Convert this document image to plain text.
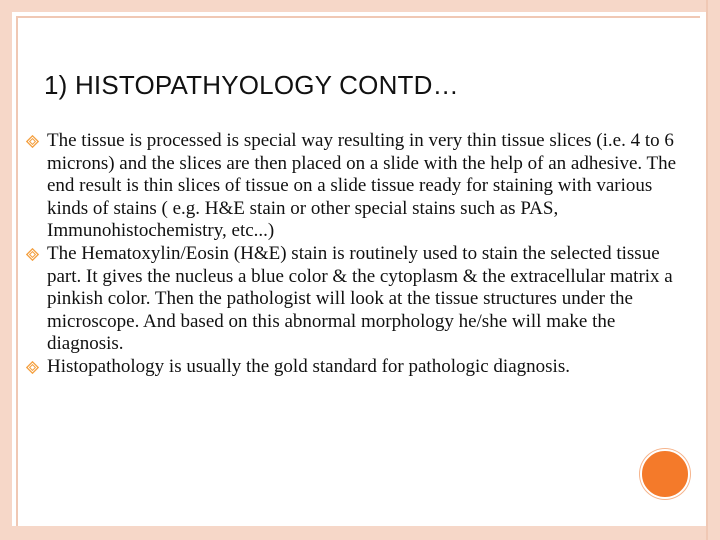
1) HISTOPATHYOLOGY CONTD…
The tissue is processed is special way resulting in very thin tissue slices (i.e. 4 to 6 microns) and the slices are then placed on a slide with the help of an adhesive. The end result is thin slices of tissue on a slide tissue ready for staining with various kinds of stains ( e.g. H&E stain or other special stains such as PAS, Immunohistochemistry, etc...)
The Hematoxylin/Eosin (H&E) stain is routinely used to stain the selected tissue part. It gives the nucleus a blue color & the cytoplasm & the extracellular matrix a pinkish color. Then the pathologist will look at the tissue structures under the microscope. And based on this abnormal morphology he/she will make the diagnosis.
Histopathology is usually the gold standard for pathologic diagnosis.
